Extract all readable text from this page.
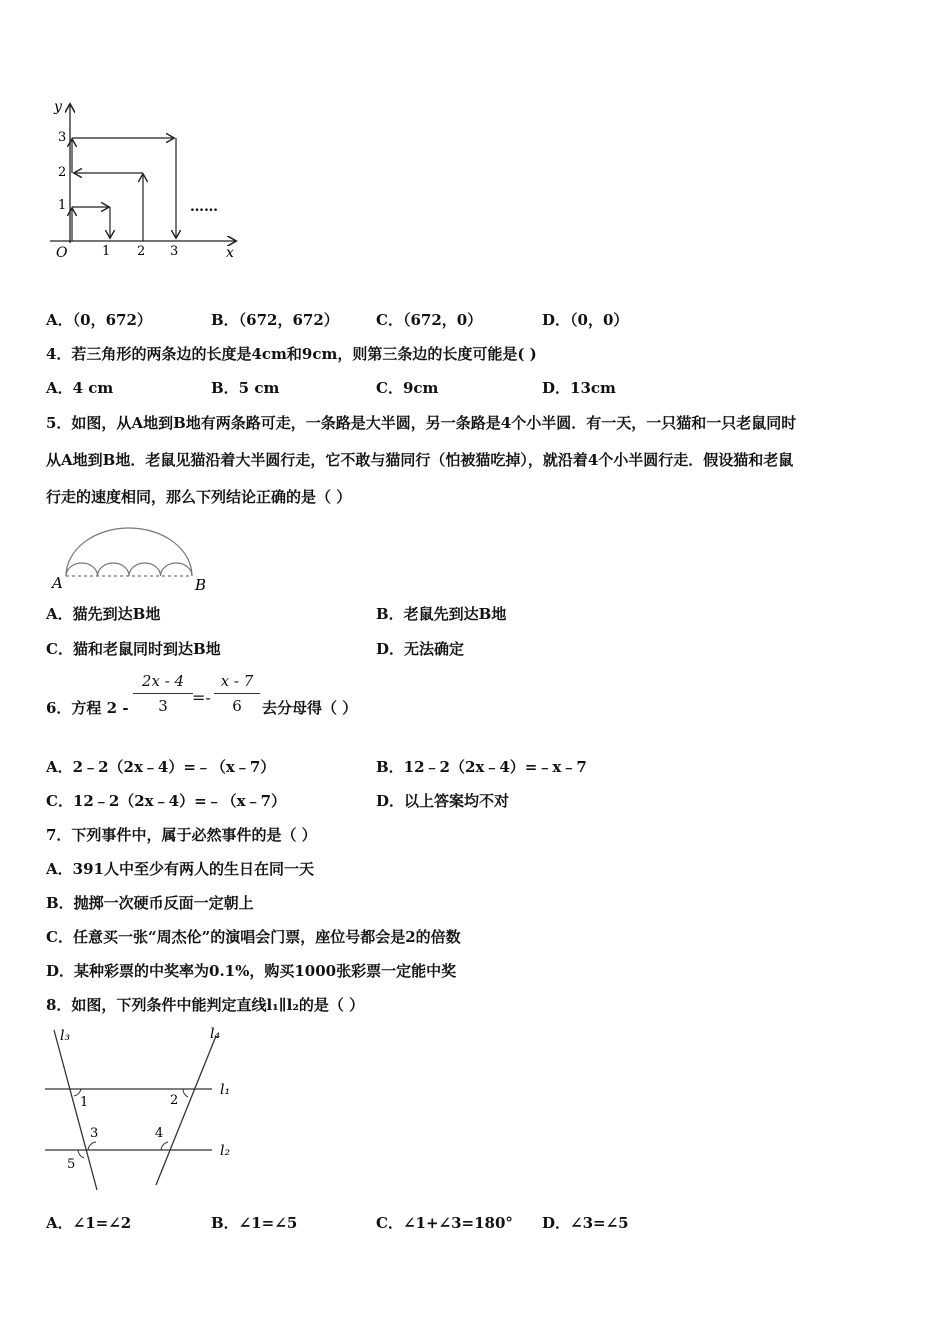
y
x
O
1
2
3
1 2 3
……
A．（0，672）	B．（672，672） C．（672，0）	D．（0，0）
4．若三角形的两条边的长度是4cm和9cm，则第三条边的长度可能是( )
A．4 cm	B．5 cm	C．9cm	D．13cm
5．如图，从A地到B地有两条路可走，一条路是大半圆，另一条路是4个小半圆．有一天，一只猫和一只老鼠同时
从A地到B地．老鼠见猫沿着大半圆行走，它不敢与猫同行（怕被猫吃掉），就沿着4个小半圆行走．假设猫和老鼠
行走的速度相同，那么下列结论正确的是（ ）
A	B
A．猫先到达B地	B．老鼠先到达B地
C．猫和老鼠同时到达B地	D．无法确定
6．方程 2 -
2x - 4
3	=-
x - 7
6	去分母得（ ）
A．2﹣2（2x﹣4）=﹣（x﹣7）	B．12﹣2（2x﹣4）=﹣x﹣7
C．12﹣2（2x﹣4）=﹣（x﹣7）	D．以上答案均不对
7．下列事件中，属于必然事件的是（ ）
A．391人中至少有两人的生日在同一天
B．抛掷一次硬币反面一定朝上
C．任意买一张“周杰伦”的演唱会门票，座位号都会是2的倍数
D．某种彩票的中奖率为0.1%，购买1000张彩票一定能中奖
8．如图，下列条件中能判定直线l₁∥l₂的是（ ）
l₃	l₄
l₁
l₂
1	2
3	4
5
A．∠1=∠2	B．∠1=∠5	C．∠1+∠3=180° D．∠3=∠5
